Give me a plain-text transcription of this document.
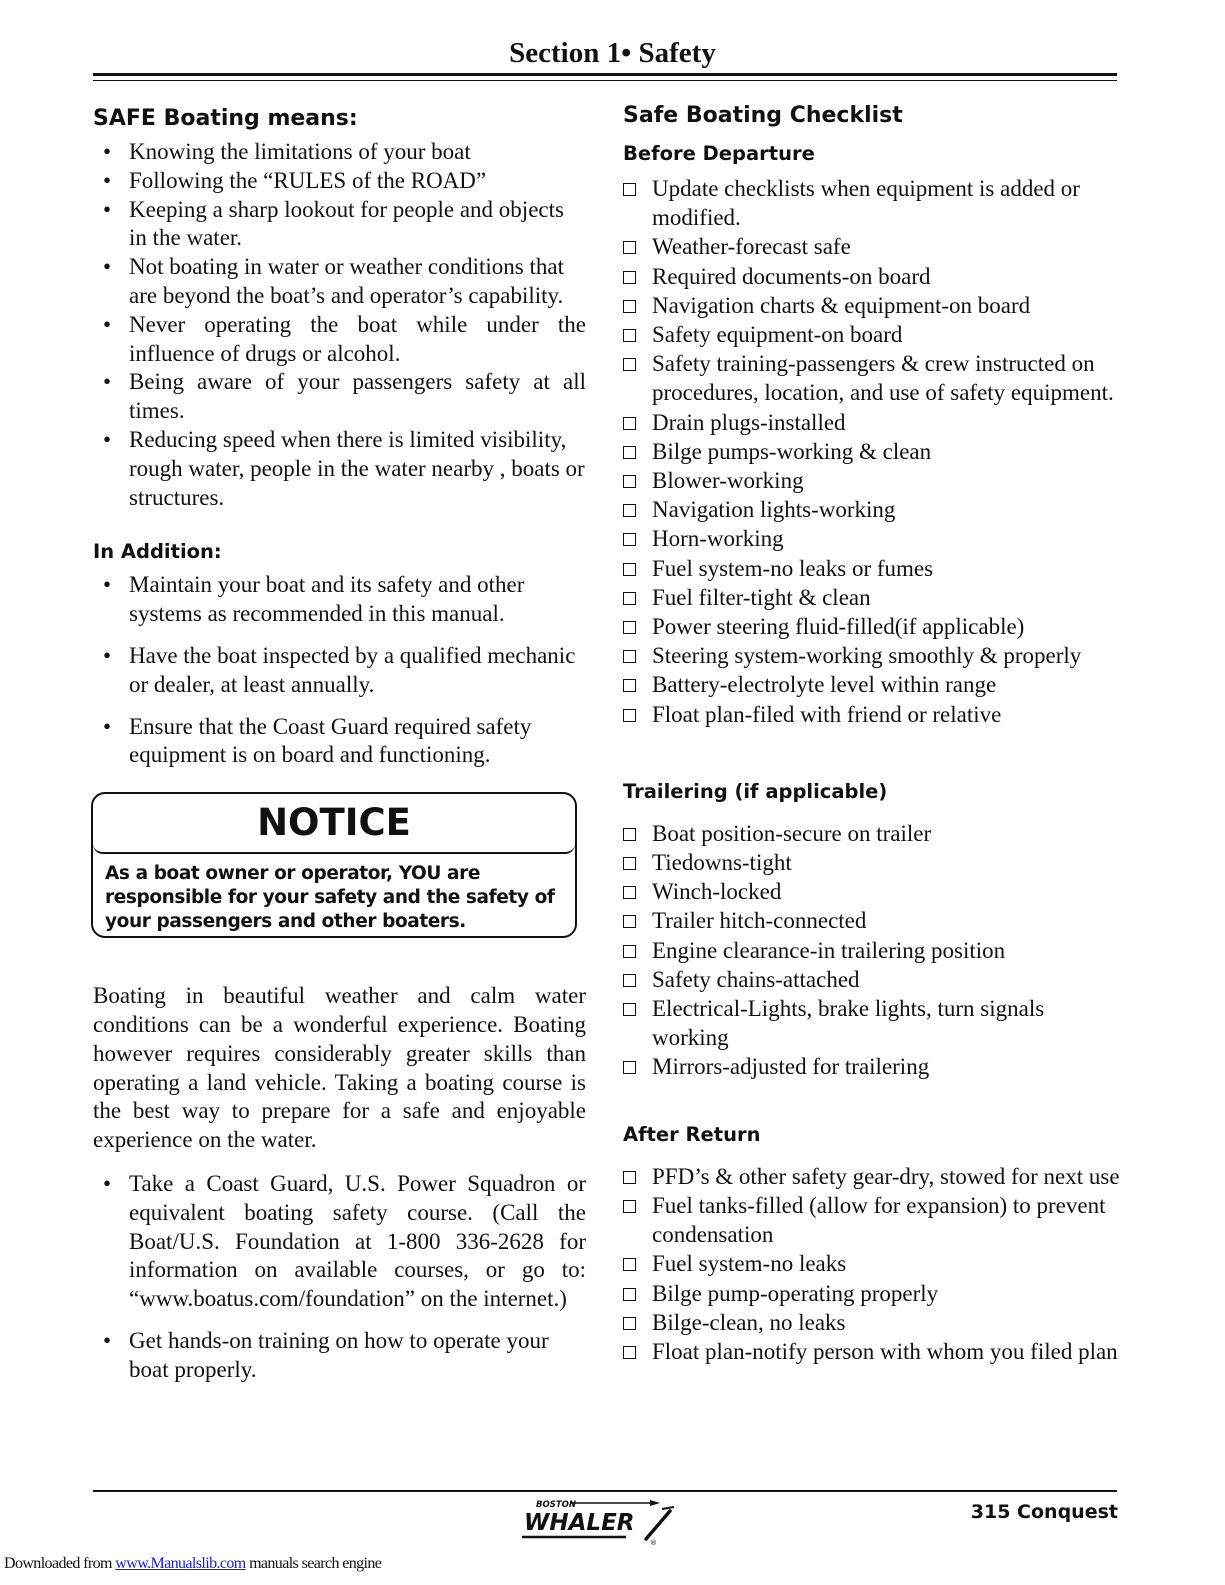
Section 1• Safety
SAFE Boating means:
• Knowing the limitations of your boat
• Following the “RULES of the ROAD”
• Keeping a sharp lookout for people and objects in the water.
• Not boating in water or weather conditions that are beyond the boat’s and operator’s capability.
• Never operating the boat while under the influence of drugs or alcohol.
• Being aware of your passengers safety at all times.
• Reducing speed when there is limited visibility, rough water, people in the water nearby , boats or structures.
In Addition:
• Maintain your boat and its safety and other systems as recommended in this manual.
• Have the boat inspected by a qualified mechanic or dealer, at least annually.
• Ensure that the Coast Guard required safety equipment is on board and functioning.
NOTICE
As a boat owner or operator, YOU are responsible for your safety and the safety of your passengers and other boaters.

Boating in beautiful weather and calm water conditions can be a wonderful experience. Boating however requires considerably greater skills than operating a land vehicle. Taking a boating course is the best way to prepare for a safe and enjoyable experience on the water.

• Take a Coast Guard, U.S. Power Squadron or equivalent boating safety course. (Call the Boat/U.S. Foundation at 1-800 336-2628 for information on available courses, or go to: “www.boatus.com/foundation” on the internet.)
• Get hands-on training on how to operate your boat properly.
Safe Boating Checklist
Before Departure
Update checklists when equipment is added or modified.
Weather-forecast safe
Required documents-on board
Navigation charts & equipment-on board
Safety equipment-on board
Safety training-passengers & crew instructed on procedures, location, and use of safety equipment.
Drain plugs-installed
Bilge pumps-working & clean
Blower-working
Navigation lights-working
Horn-working
Fuel system-no leaks or fumes
Fuel filter-tight & clean
Power steering fluid-filled(if applicable)
Steering system-working smoothly & properly
Battery-electrolyte level within range
Float plan-filed with friend or relative
Trailering (if applicable)
Boat position-secure on trailer
Tiedowns-tight
Winch-locked
Trailer hitch-connected
Engine clearance-in trailering position
Safety chains-attached
Electrical-Lights, brake lights, turn signals working
Mirrors-adjusted for trailering
After Return
PFD’s & other safety gear-dry, stowed for next use
Fuel tanks-filled (allow for expansion) to prevent condensation
Fuel system-no leaks
Bilge pump-operating properly
Bilge-clean, no leaks
Float plan-notify person with whom you filed plan
BOSTON
WHALER
®
315 Conquest
Downloaded from www.Manualslib.com manuals search engine
